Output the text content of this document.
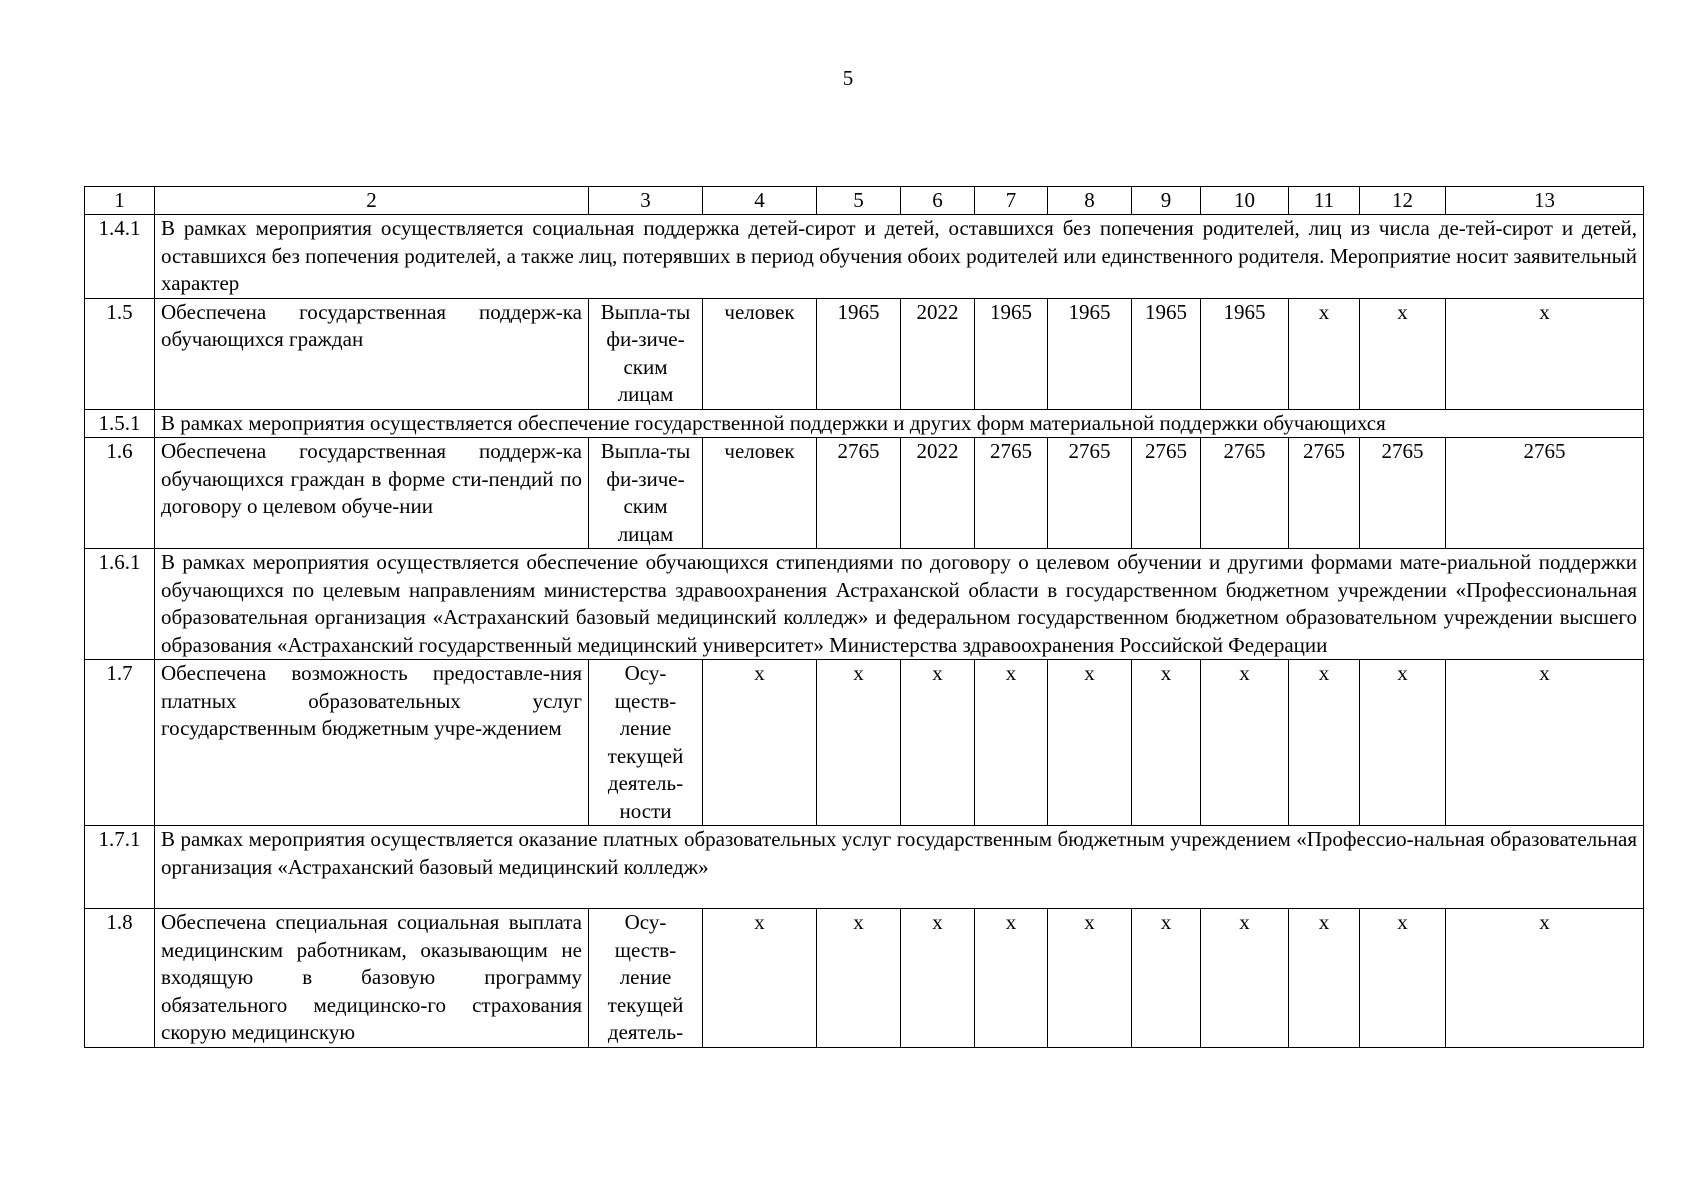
5
1	2	3	4	5	6	7	8	9	10	11	12	13
1.4.1	В рамках мероприятия осуществляется социальная поддержка детей-сирот и детей, оставшихся без попечения родителей, лиц из числа де-тей-сирот и детей, оставшихся без попечения родителей, а также лиц, потерявших в период обучения обоих родителей или единственного родителя. Мероприятие носит заявительный характер											
1.5	Обеспечена государственная поддерж-ка обучающихся граждан	Выпла-ты фи-зиче-ским лицам	человек	1965	2022	1965	1965	1965	1965	х	х	х
1.5.1	В рамках мероприятия осуществляется обеспечение государственной поддержки и других форм материальной поддержки обучающихся											
1.6	Обеспечена государственная поддерж-ка обучающихся граждан в форме сти-пендий по договору о целевом обуче-нии	Выпла-ты фи-зиче-ским лицам	человек	2765	2022	2765	2765	2765	2765	2765	2765	2765
1.6.1	В рамках мероприятия осуществляется обеспечение обучающихся стипендиями по договору о целевом обучении и другими формами мате-риальной поддержки обучающихся по целевым направлениям министерства здравоохранения Астраханской области в государственном бюджетном учреждении «Профессиональная образовательная организация «Астраханский базовый медицинский колледж» и федеральном государственном бюджетном образовательном учреждении высшего образования «Астраханский государственный медицинский университет» Министерства здравоохранения Российской Федерации											
1.7	Обеспечена возможность предоставле-ния платных образовательных услуг государственным бюджетным учре-ждением	Осу-ществ-ление текущей деятель-ности	х	х	х	х	х	х	х	х	х	х
1.7.1	В рамках мероприятия осуществляется оказание платных образовательных услуг государственным бюджетным учреждением «Профессио-нальная образовательная организация «Астраханский базовый медицинский колледж»											
1.8	Обеспечена специальная социальная выплата медицинским работникам, оказывающим не входящую в базовую программу обязательного медицинско-го страхования скорую медицинскую	Осу-ществ-ление текущей деятель-	х	х	х	х	х	х	х	х	х	х
